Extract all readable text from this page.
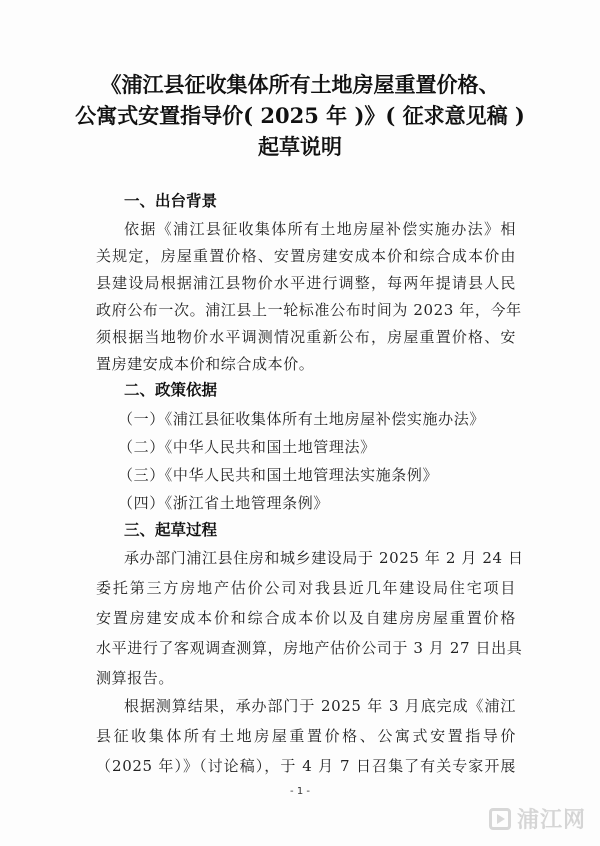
《浦江县征收集体所有土地房屋重置价格、
公寓式安置指导价( 2025 年 )》( 征求意见稿 )
起草说明
一、出台背景
依据《浦江县征收集体所有土地房屋补偿实施办法》相
关规定，房屋重置价格、安置房建安成本价和综合成本价由
县建设局根据浦江县物价水平进行调整，每两年提请县人民
政府公布一次。浦江县上一轮标准公布时间为 2023 年，今年
须根据当地物价水平调测情况重新公布，房屋重置价格、安
置房建安成本价和综合成本价。
二、政策依据
（一）《浦江县征收集体所有土地房屋补偿实施办法》
（二）《中华人民共和国土地管理法》
（三）《中华人民共和国土地管理法实施条例》
（四）《浙江省土地管理条例》
三、起草过程
承办部门浦江县住房和城乡建设局于 2025 年 2 月 24 日
委托第三方房地产估价公司对我县近几年建设局住宅项目
安置房建安成本价和综合成本价以及自建房房屋重置价格
水平进行了客观调查测算，房地产估价公司于 3 月 27 日出具
测算报告。
根据测算结果，承办部门于 2025 年 3 月底完成《浦江
县征收集体所有土地房屋重置价格、公寓式安置指导价
（2025 年）》（讨论稿），于 4 月 7 日召集了有关专家开展
- 1 -
浦江网
